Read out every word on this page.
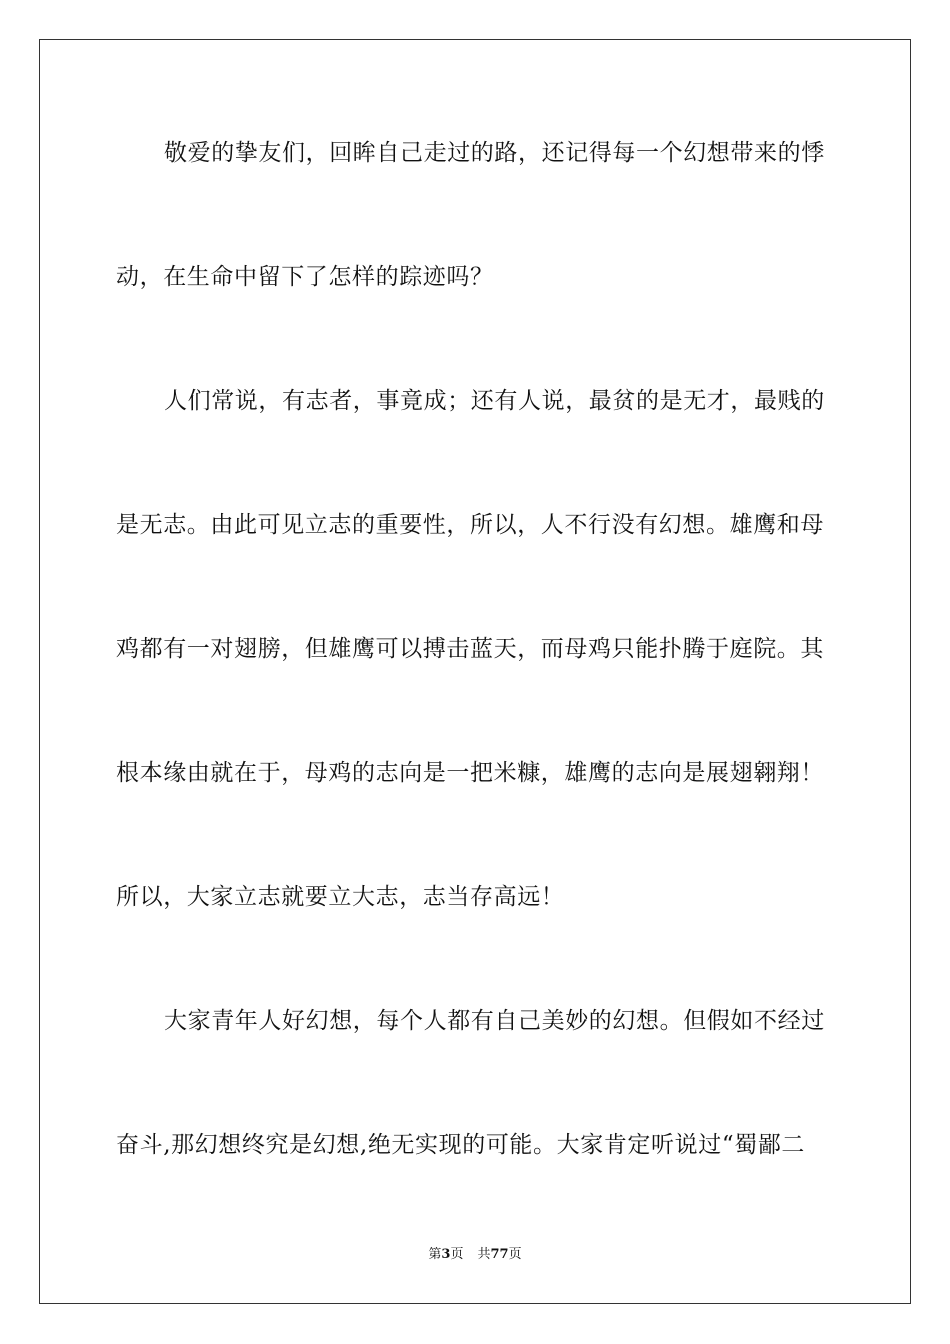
敬爱的挚友们，回眸自己走过的路，还记得每一个幻想带来的悸
动，在生命中留下了怎样的踪迹吗？
人们常说，有志者，事竟成；还有人说，最贫的是无才，最贱的
是无志。由此可见立志的重要性，所以，人不行没有幻想。雄鹰和母
鸡都有一对翅膀，但雄鹰可以搏击蓝天，而母鸡只能扑腾于庭院。其
根本缘由就在于，母鸡的志向是一把米糠，雄鹰的志向是展翅翱翔！
所以，大家立志就要立大志，志当存高远！
大家青年人好幻想，每个人都有自己美妙的幻想。但假如不经过
奋斗,那幻想终究是幻想,绝无实现的可能。大家肯定听说过“蜀鄙二
第3页 共77页
